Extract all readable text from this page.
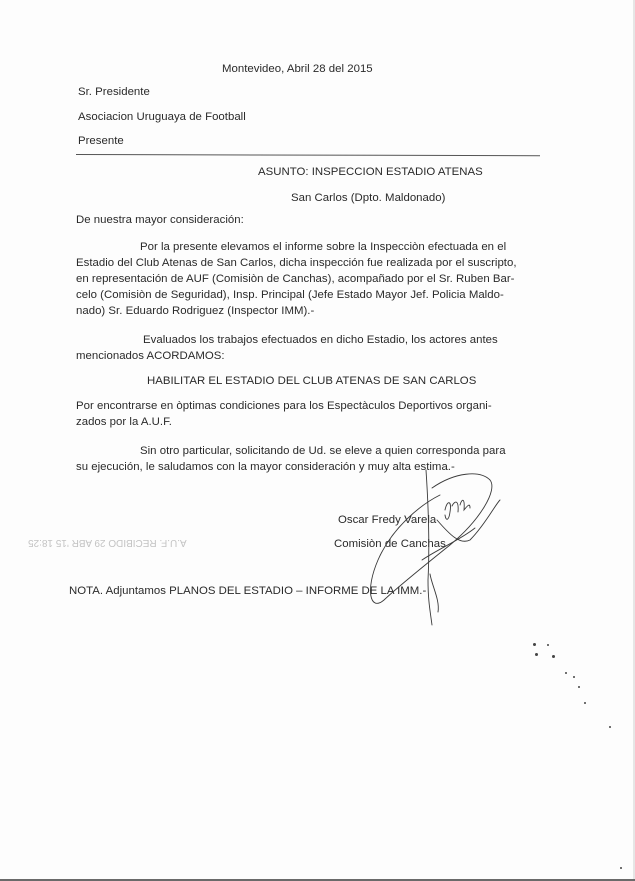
Montevideo, Abril 28 del 2015
Sr. Presidente
Asociacion Uruguaya de Football
Presente
ASUNTO: INSPECCION ESTADIO ATENAS
San Carlos (Dpto. Maldonado)
De nuestra mayor consideración:
Por la presente elevamos el informe sobre la Inspecciòn efectuada en el
Estadio del Club Atenas de San Carlos, dicha inspección fue realizada por el suscripto,
en representación de AUF (Comisiòn de Canchas), acompañado por el Sr. Ruben Bar-
celo (Comisiòn de Seguridad), Insp. Principal (Jefe Estado Mayor Jef. Policia Maldo-
nado) Sr. Eduardo Rodriguez (Inspector IMM).-
Evaluados los trabajos efectuados en dicho Estadio, los actores antes
mencionados ACORDAMOS:
HABILITAR EL ESTADIO DEL CLUB ATENAS DE SAN CARLOS
Por encontrarse en òptimas condiciones para los Espectàculos Deportivos organi-
zados por la A.U.F.
Sin otro particular, solicitando de Ud. se eleve a quien corresponda para
su ejecución, le saludamos con la mayor consideración y muy alta estima.-
Oscar Fredy Varela
Comisiòn de Canchas
A.U.F. RECIBIDO 29 ABR '15 18:25
NOTA. Adjuntamos PLANOS DEL ESTADIO – INFORME DE LA IMM.-
